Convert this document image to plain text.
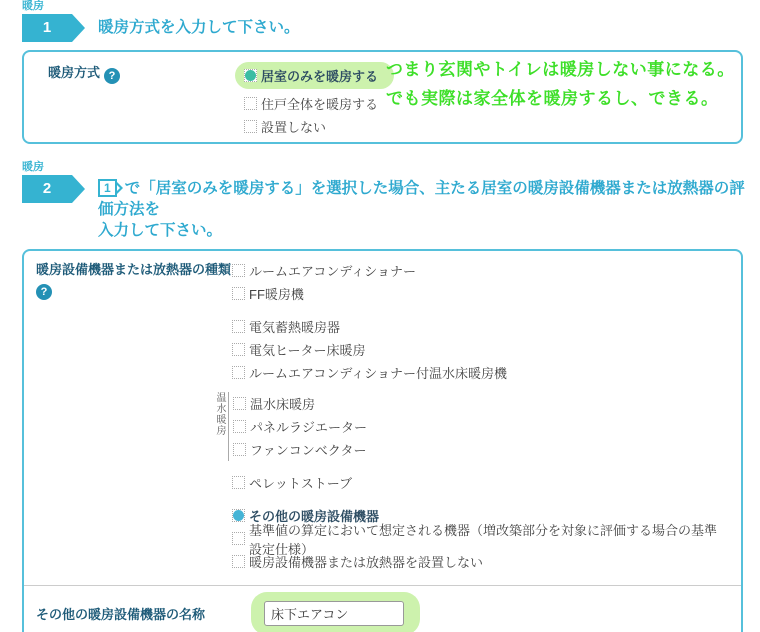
暖房
1	暖房方式を入力して下さい。
暖房方式 ?	居室のみを暖房する
住戸全体を暖房する
設置しない
つまり玄関やトイレは暖房しない事になる。
でも実際は家全体を暖房するし、できる。
暖房
2	1 で「居室のみを暖房する」を選択した場合、主たる居室の暖房設備機器または放熱器の評価方法を
入力して下さい。
暖房設備機器または放熱器の種類
?
ルームエアコンディショナー
FF暖房機
電気蓄熱暖房器
電気ヒーター床暖房
ルームエアコンディショナー付温水床暖房機
温水暖房 温水床暖房
パネルラジエーター
ファンコンベクター
ペレットストーブ
その他の暖房設備機器
基準値の算定において想定される機器（増改築部分を対象に評価する場合の基準設定仕様）
暖房設備機器または放熱器を設置しない
その他の暖房設備機器の名称
床下エアコン
